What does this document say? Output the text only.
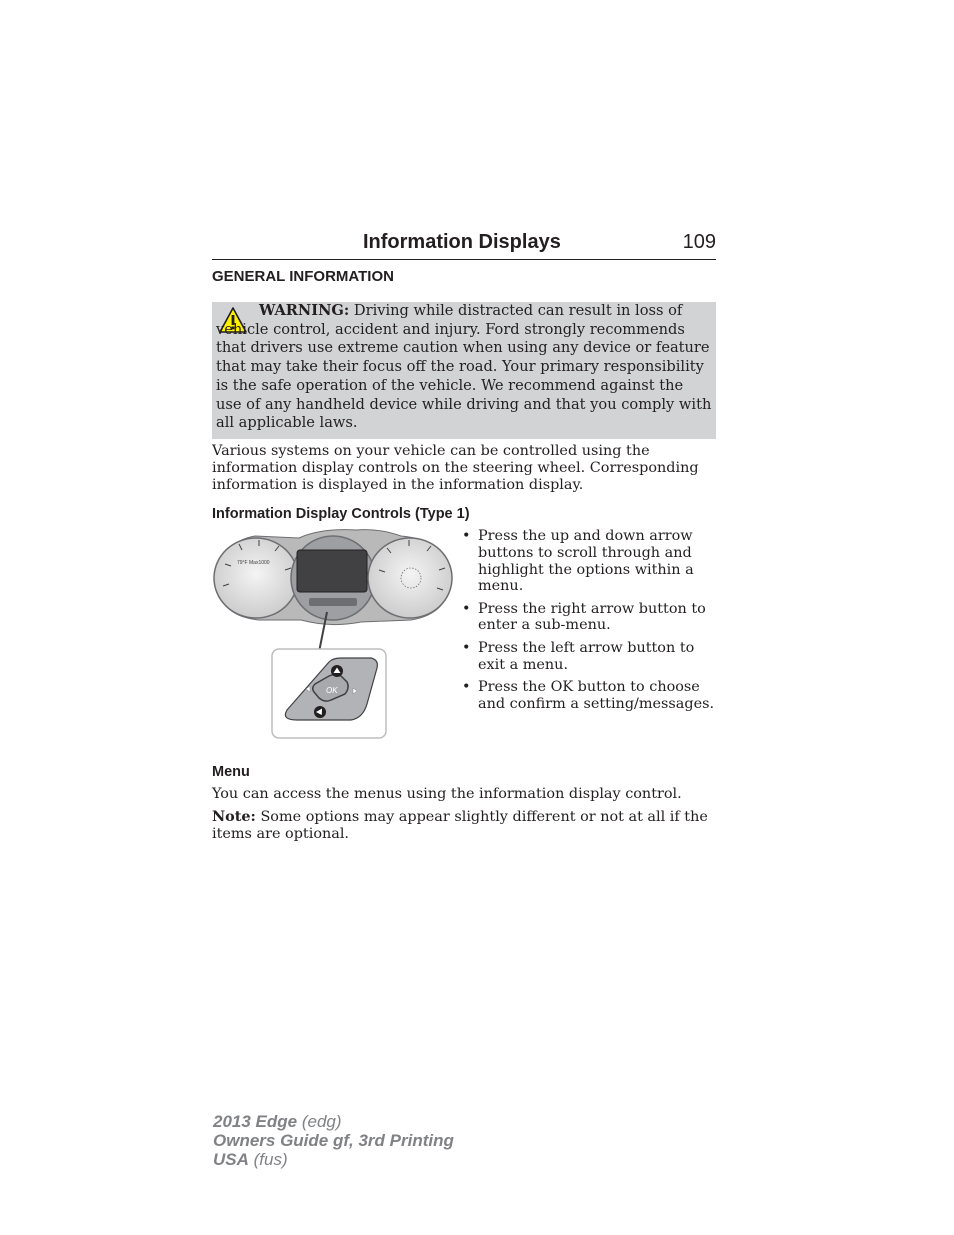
Information Displays	109
GENERAL INFORMATION
WARNING: Driving while distracted can result in loss of vehicle control, accident and injury. Ford strongly recommends that drivers use extreme caution when using any device or feature that may take their focus off the road. Your primary responsibility is the safe operation of the vehicle. We recommend against the use of any handheld device while driving and that you comply with all applicable laws.
Various systems on your vehicle can be controlled using the information display controls on the steering wheel. Corresponding information is displayed in the information display.
Information Display Controls (Type 1)
79°F Max1000
OK
• Press the up and down arrow buttons to scroll through and highlight the options within a menu.
• Press the right arrow button to enter a sub-menu.
• Press the left arrow button to exit a menu.
• Press the OK button to choose and confirm a setting/messages.
Menu
You can access the menus using the information display control.
Note: Some options may appear slightly different or not at all if the items are optional.
2013 Edge (edg)
Owners Guide gf, 3rd Printing
USA (fus)
